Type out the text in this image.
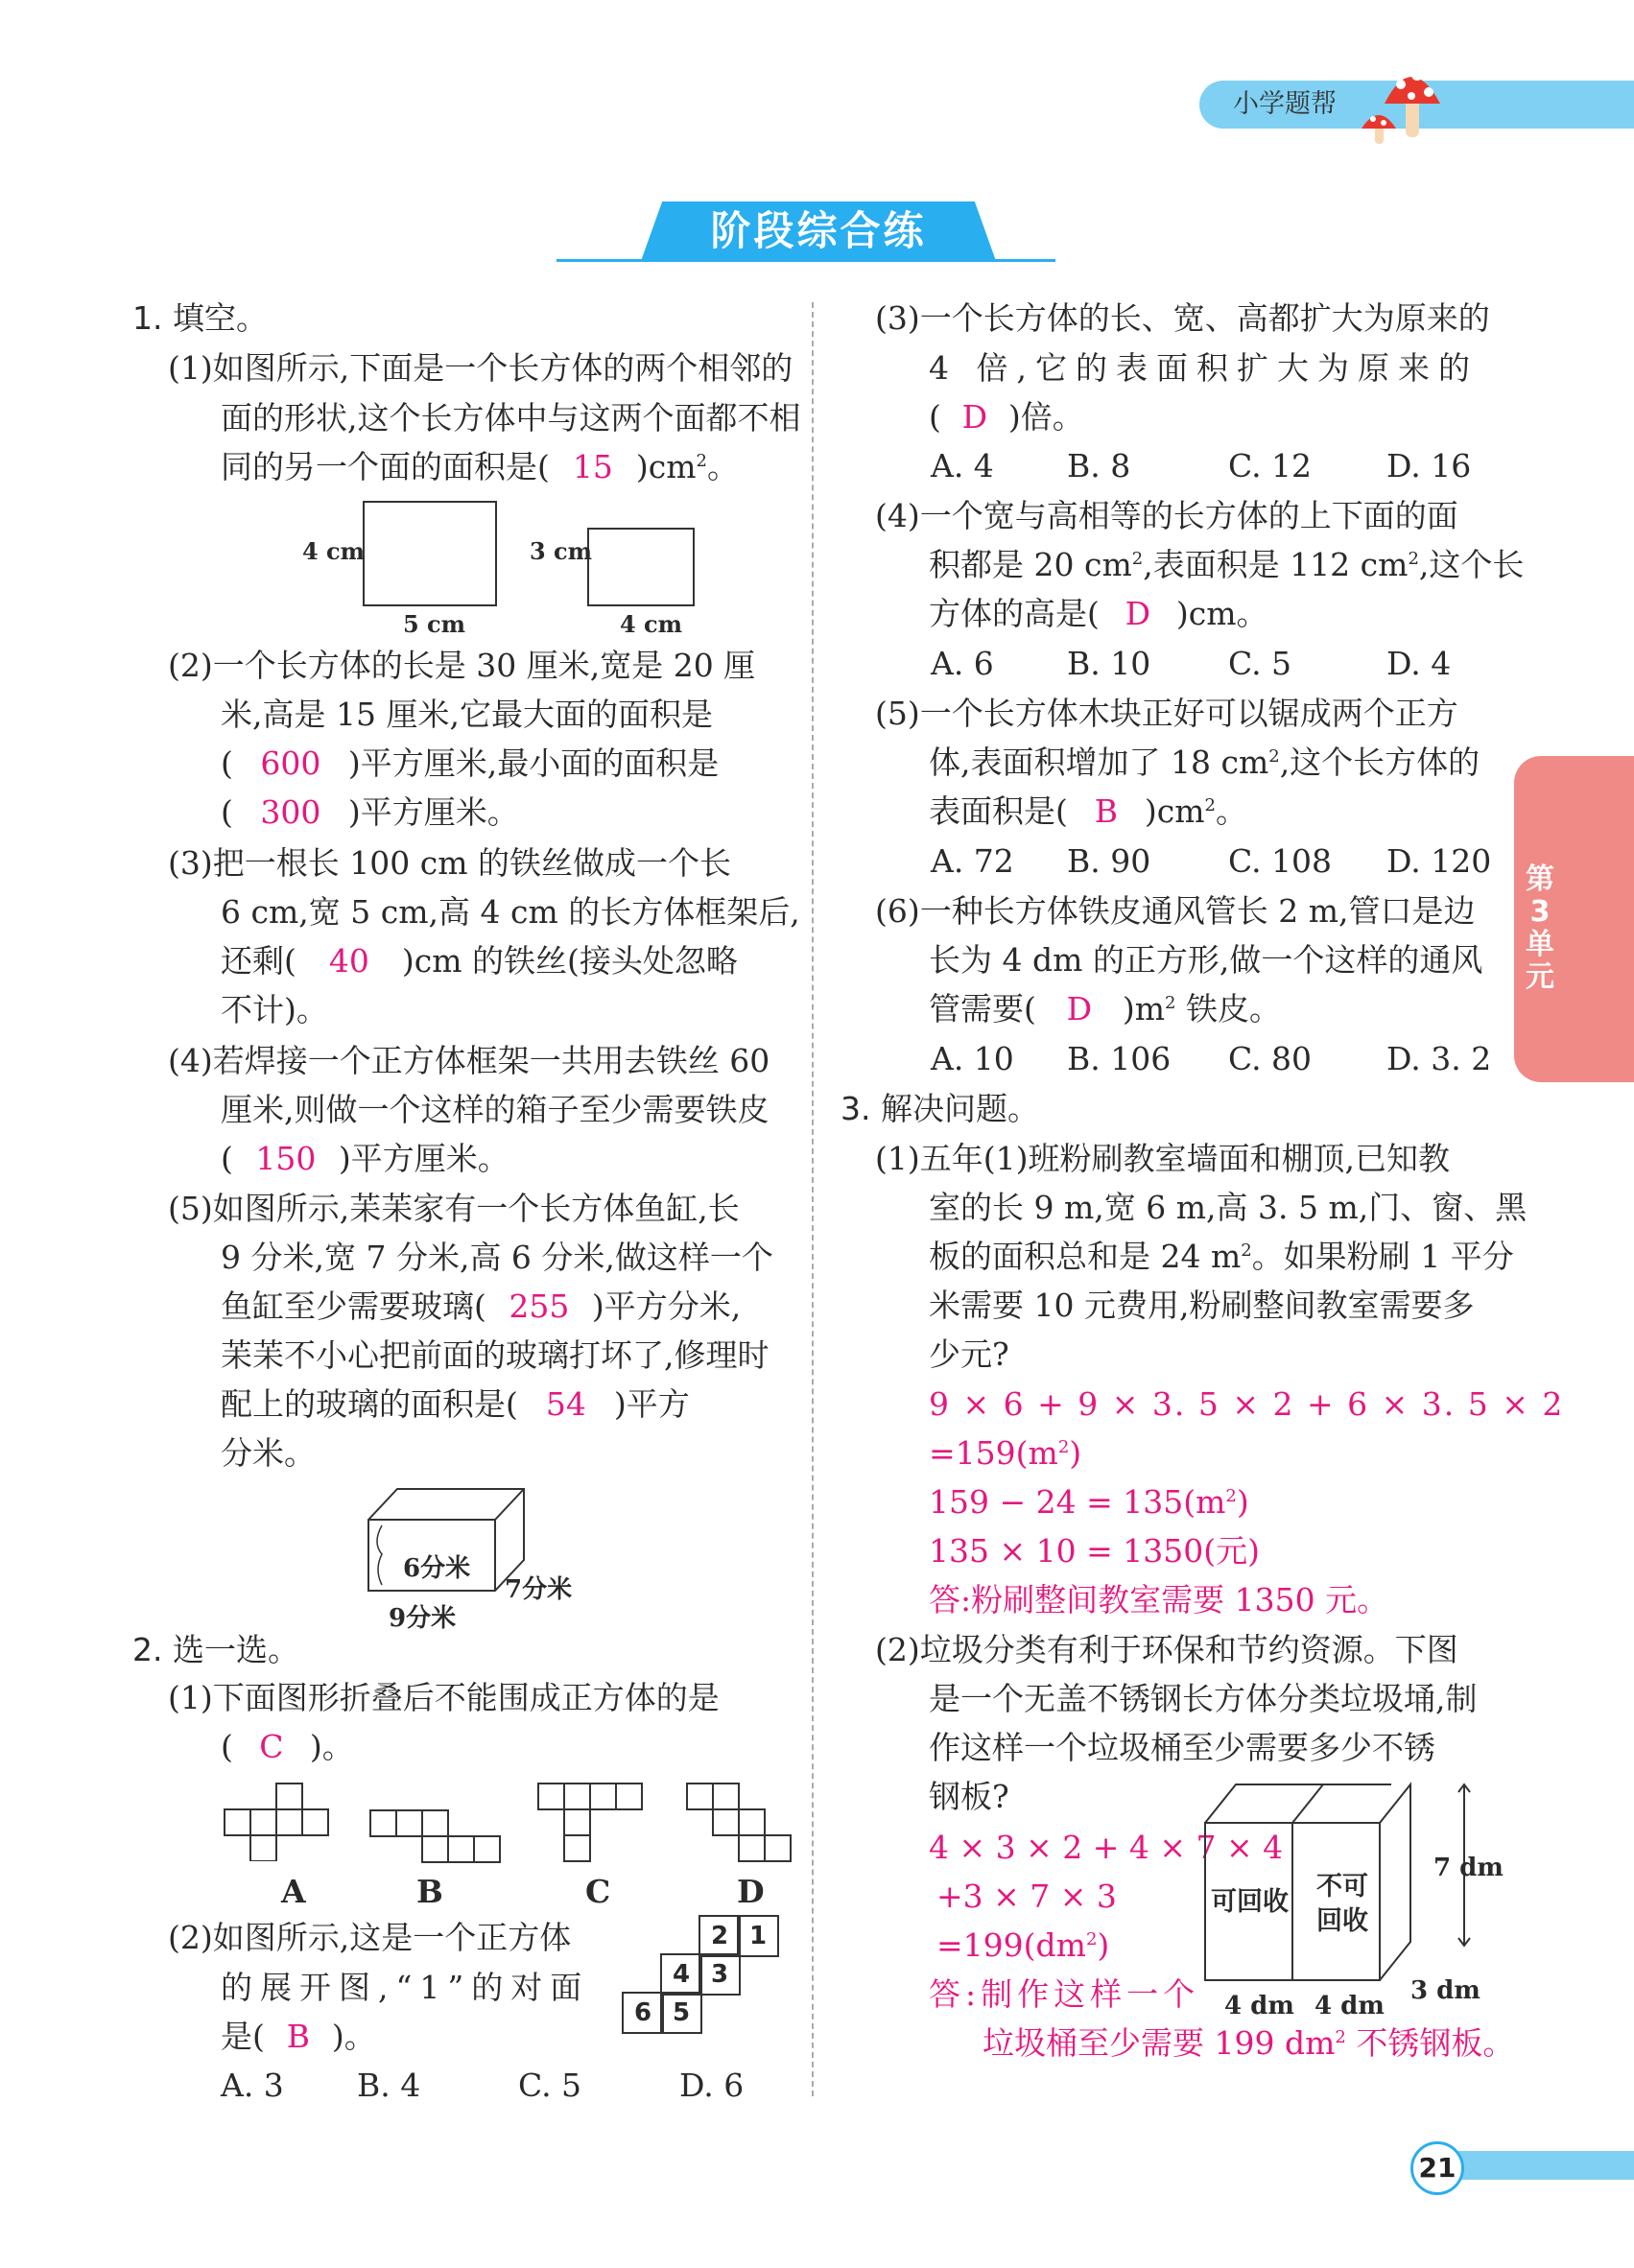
小学题帮
阶段综合练
第3单元
1. 填空。
(1)如图所示,下面是一个长方体的两个相邻的
面的形状,这个长方体中与这两个面都不相
同的另一个面的面积是( 15 )$cm^2$。
4 cm
5 cm
3 cm
4 cm
(2)一个长方体的长是 30 厘米,宽是 20 厘
米,高是 15 厘米,它最大面的面积是
( 600 )平方厘米,最小面的面积是
( 300 )平方厘米。
(3)把一根长 100 cm 的铁丝做成一个长
6 cm,宽 5 cm,高 4 cm 的长方体框架后,
还剩( 40 )cm 的铁丝(接头处忽略
不计)。
(4)若焊接一个正方体框架一共用去铁丝 60
厘米,则做一个这样的箱子至少需要铁皮
( 150 )平方厘米。
(5)如图所示,苿苿家有一个长方体鱼缸,长
9 分米,宽 7 分米,高 6 分米,做这样一个
鱼缸至少需要玻璃( 255 )平方分米,
苿苿不小心把前面的玻璃打坏了,修理时
配上的玻璃的面积是( 54 )平方
分米。
6分米
7分米
9分米
2. 选一选。
(1)下面图形折叠后不能围成正方体的是
( C )。
A	B	C	D
(2)如图所示,这是一个正方体
的展开图,“1”的对面
是( B )。
2 1
4 3
6 5
A. 3 B. 4	C. 5	D. 6
(3)一个长方体的长、宽、高都扩大为原来的
4 倍,它的表面积扩大为原来的
( D )倍。
A. 4 B. 8	C. 12 D. 16
(4)一个宽与高相等的长方体的上下面的面
积都是 20 $cm^2$,表面积是 112 $cm^2$,这个长
方体的高是( D )cm。
A. 6 B. 10 C. 5	D. 4
(5)一个长方体木块正好可以锯成两个正方
体,表面积增加了 18 $cm^2$,这个长方体的
表面积是( B )$cm^2$。
A. 72 B. 90 C. 108 D. 120
(6)一种长方体铁皮通风管长 2 m,管口是边
长为 4 dm 的正方形,做一个这样的通风
管需要( D )$m^2$ 铁皮。
A. 10 B. 106 C. 80 D. 3. 2
3. 解决问题。
(1)五年(1)班粉刷教室墙面和棚顶,已知教
室的长 9 m,宽 6 m,高 3. 5 m,门、窗、黑
板的面积总和是 24 $m^2$。如果粉刷 1 平分
米需要 10 元费用,粉刷整间教室需要多
少元?
9 × 6 + 9 × 3. 5 × 2 + 6 × 3. 5 × 2
$=159(m^2)$
$159 - 24 = 135(m^2)$
135 × 10 = 1350(元)
答:粉刷整间教室需要 1350 元。
(2)垃圾分类有利于环保和节约资源。下图
是一个无盖不锈钢长方体分类垃圾埇,制
作这样一个垃圾桶至少需要多少不锈
钢板?
4 × 3 × 2 + 4 × 7 × 4
+3 × 7 × 3
$=199(dm^2)$
答:制作这样一个
垃圾桶至少需要 199 $dm^2$ 不锈钢板。
可回收
不可
回收
7 dm
4 dm 4 dm
3 dm
21
